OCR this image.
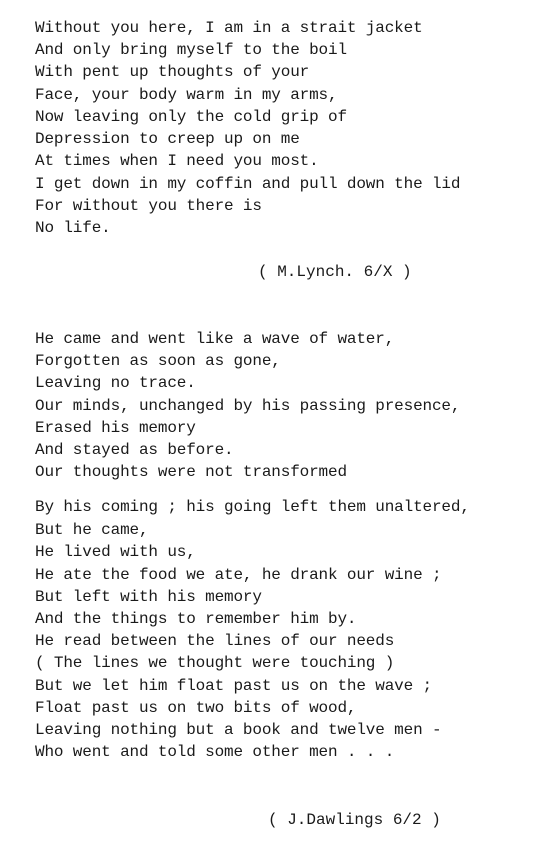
Without you here, I am in a strait jacket
And only bring myself to the boil
With pent up thoughts of your
Face, your body warm in my arms,
Now leaving only the cold grip of
Depression to creep up on me
At times when I need you most.
I get down in my coffin and pull down the lid
For without you there is
No life.
( M.Lynch. 6/X )
He came and went like a wave of water,
Forgotten as soon as gone,
Leaving no trace.
Our minds, unchanged by his passing presence,
Erased his memory
And stayed as before.
Our thoughts were not transformed
By his coming ; his going left them unaltered,
But he came,
He lived with us,
He ate the food we ate, he drank our wine ;
But left with his memory
And the things to remember him by.
He read between the lines of our needs
( The lines we thought were touching )
But we let him float past us on the wave ;
Float past us on two bits of wood,
Leaving nothing but a book and twelve men -
Who went and told some other men . . .
( J.Dawlings 6/2 )
